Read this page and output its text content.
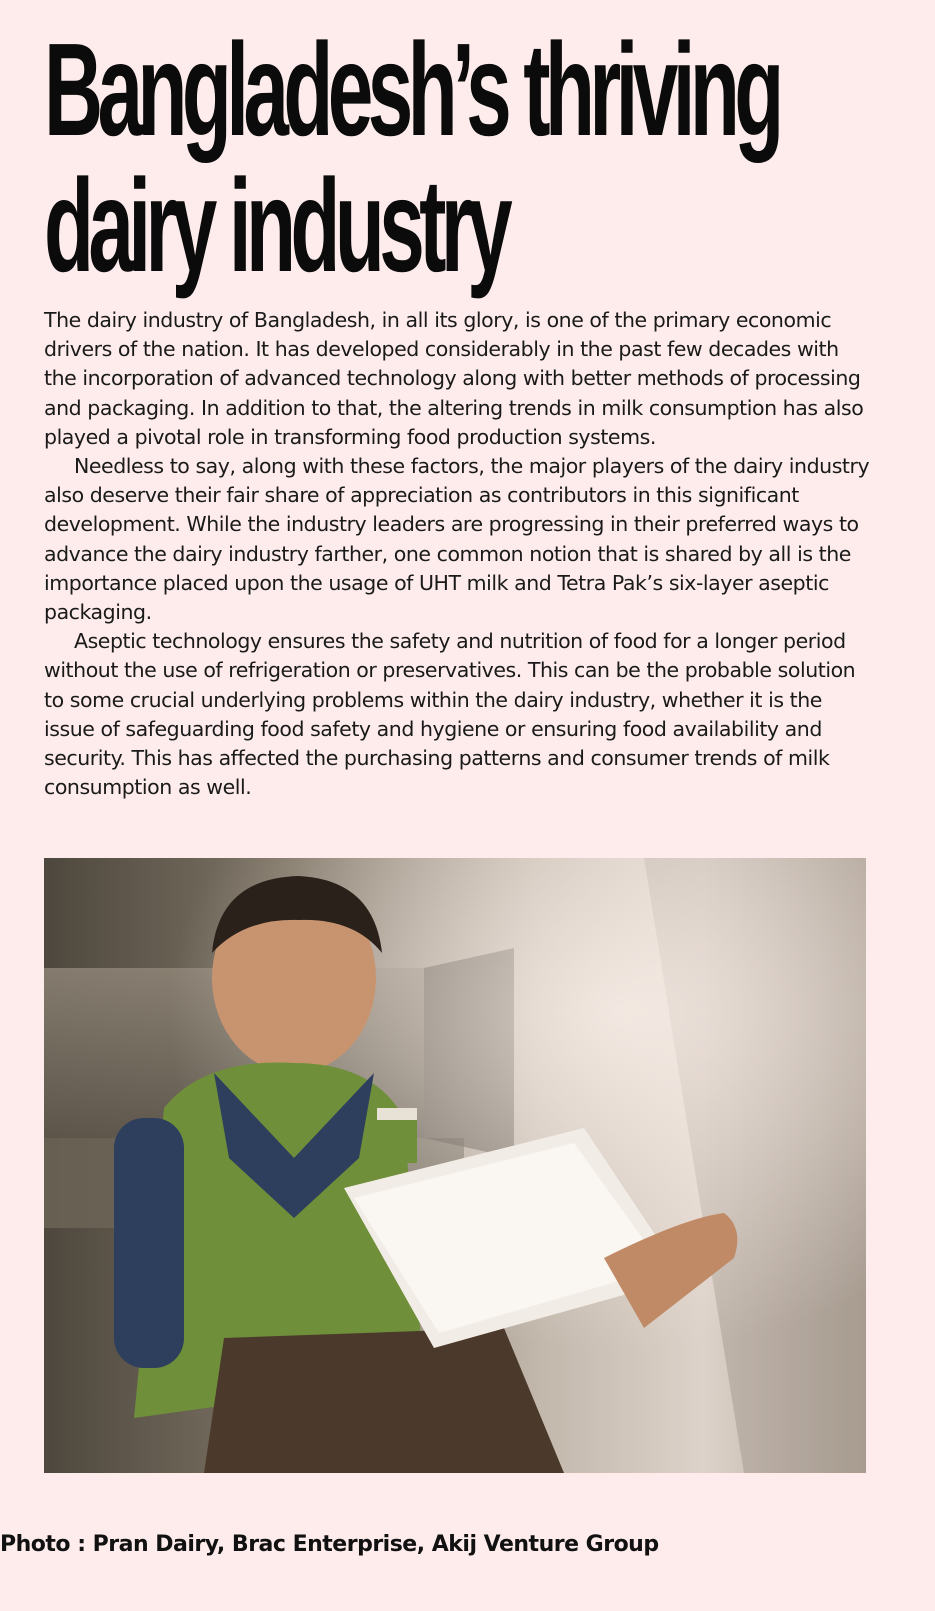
Bangladesh’s thriving
dairy industry

The dairy industry of Bangladesh, in all its glory, is one of the primary economic drivers of the nation. It has developed considerably in the past few decades with the incorporation of advanced technology along with better methods of processing and packaging. In addition to that, the altering trends in milk consumption has also played a pivotal role in transforming food production systems.

Needless to say, along with these factors, the major players of the dairy industry also deserve their fair share of appreciation as contributors in this significant development. While the industry leaders are progressing in their preferred ways to advance the dairy industry farther, one common notion that is shared by all is the importance placed upon the usage of UHT milk and Tetra Pak’s six-layer aseptic packaging.

Aseptic technology ensures the safety and nutrition of food for a longer period without the use of refrigeration or preservatives. This can be the probable solution to some crucial underlying problems within the dairy industry, whether it is the issue of safeguarding food safety and hygiene or ensuring food availability and security. This has affected the purchasing patterns and consumer trends of milk consumption as well.

Photo : Pran Dairy, Brac Enterprise, Akij Venture Group
